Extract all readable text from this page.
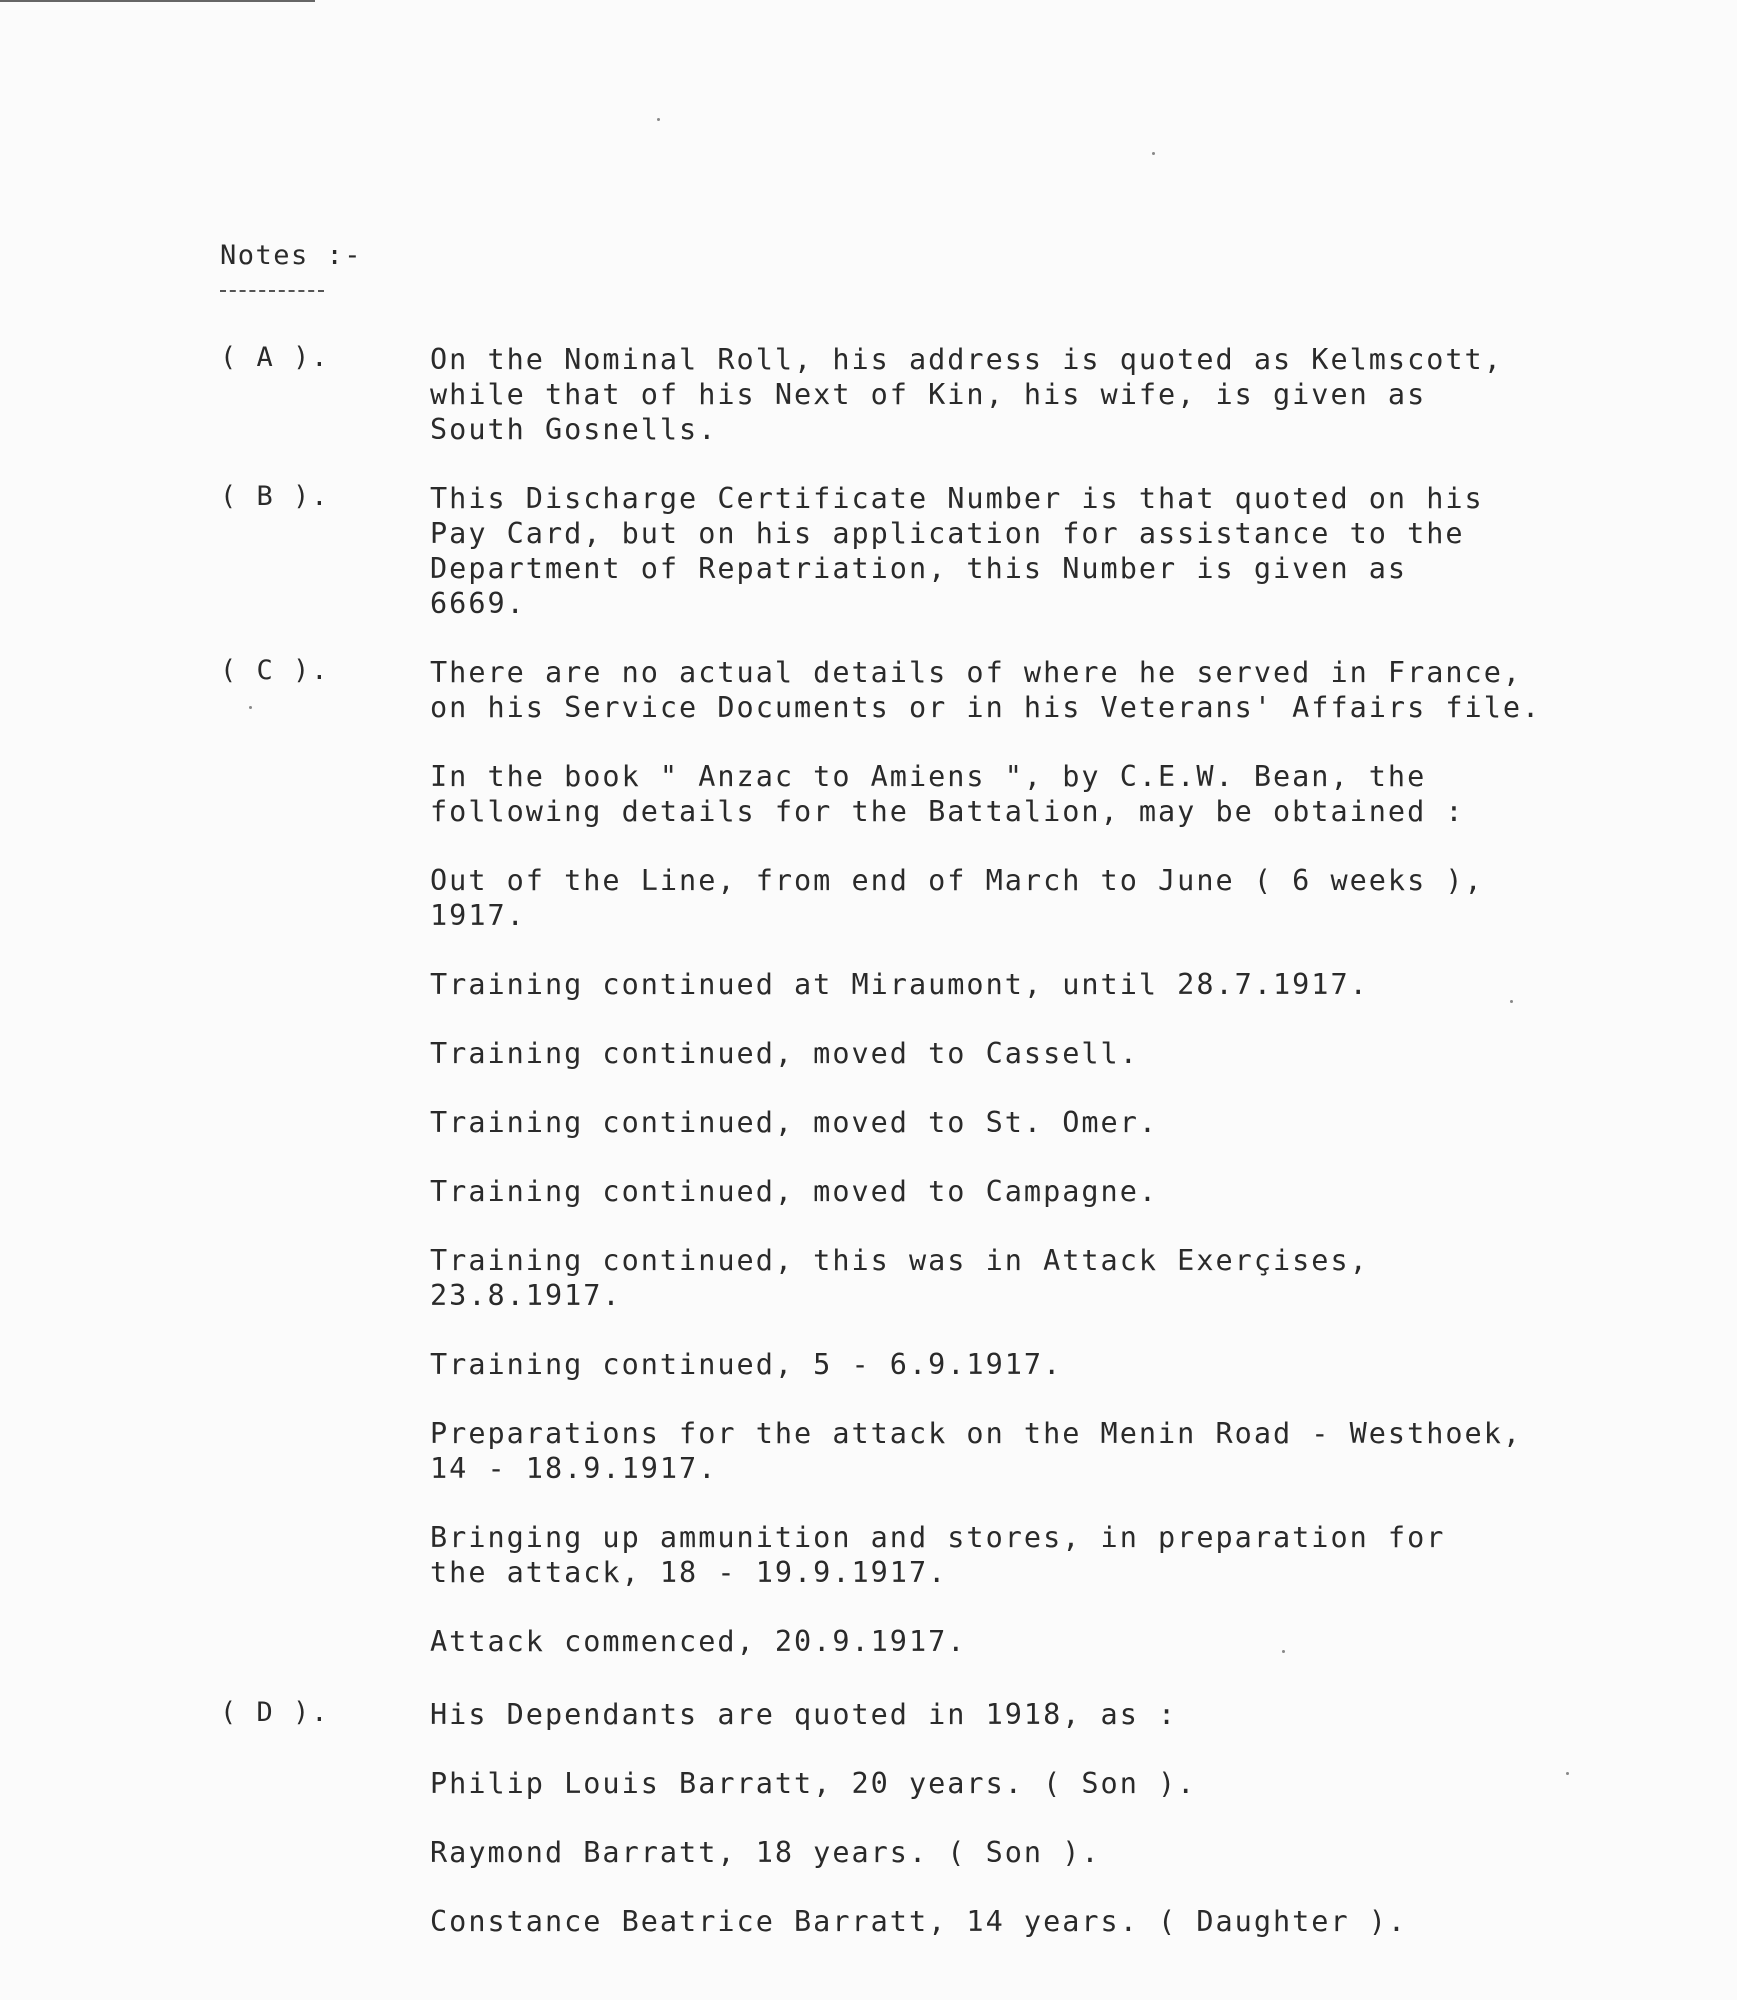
Notes :-
( A ).	On the Nominal Roll, his address is quoted as Kelmscott,
while that of his Next of Kin, his wife, is given as
South Gosnells.

( B ).	This Discharge Certificate Number is that quoted on his
Pay Card, but on his application for assistance to the
Department of Repatriation, this Number is given as
6669.

( C ).	There are no actual details of where he served in France,
on his Service Documents or in his Veterans' Affairs file.

In the book " Anzac to Amiens ", by C.E.W. Bean, the
following details for the Battalion, may be obtained :

Out of the Line, from end of March to June ( 6 weeks ),
1917.

Training continued at Miraumont, until 28.7.1917.

Training continued, moved to Cassell.

Training continued, moved to St. Omer.

Training continued, moved to Campagne.

Training continued, this was in Attack Exerçises,
23.8.1917.

Training continued, 5 - 6.9.1917.

Preparations for the attack on the Menin Road - Westhoek,
14 - 18.9.1917.

Bringing up ammunition and stores, in preparation for
the attack, 18 - 19.9.1917.

Attack commenced, 20.9.1917.

( D ).	His Dependants are quoted in 1918, as :

Philip Louis Barratt, 20 years. ( Son ).

Raymond Barratt, 18 years. ( Son ).

Constance Beatrice Barratt, 14 years. ( Daughter ).
